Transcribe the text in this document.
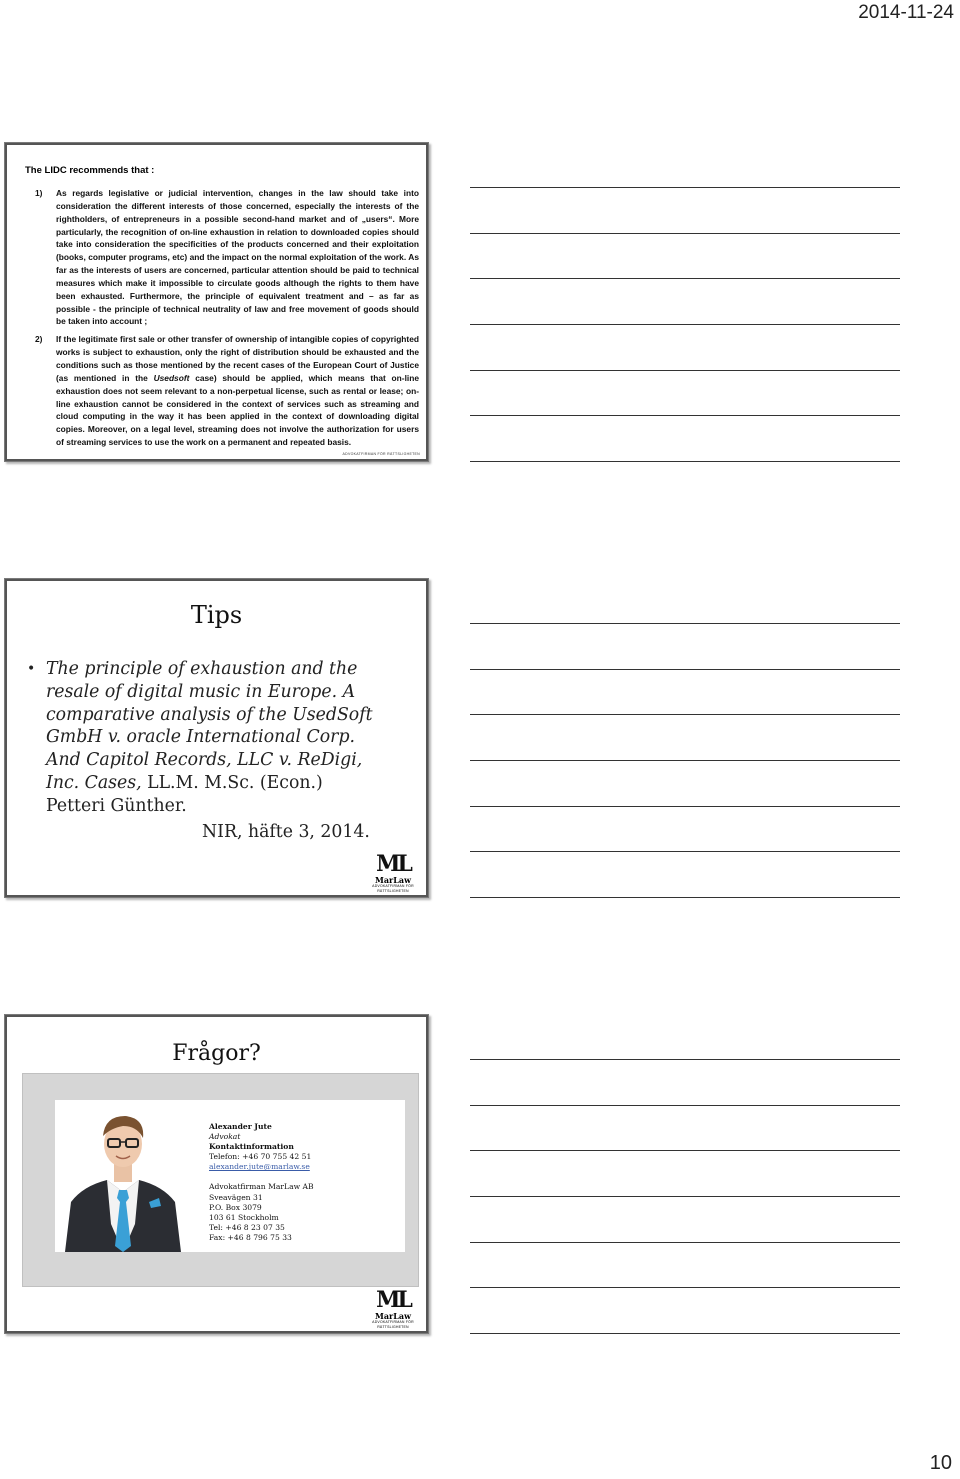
2014-11-24
The LIDC recommends that :
1) As regards legislative or judicial intervention, changes in the law should take into consideration the different interests of those concerned, especially the interests of the rightholders, of entrepreneurs in a possible second-hand market and of „users“. More particularly, the recognition of on-line exhaustion in relation to downloaded copies should take into consideration the specificities of the products concerned and their exploitation (books, computer programs, etc) and the impact on the normal exploitation of the work. As far as the interests of users are concerned, particular attention should be paid to technical measures which make it impossible to circulate goods although the rights to them have been exhausted. Furthermore, the principle of equivalent treatment and – as far as possible - the principle of technical neutrality of law and free movement of goods should be taken into account ;
2) If the legitimate first sale or other transfer of ownership of intangible copies of copyrighted works is subject to exhaustion, only the right of distribution should be exhausted and the conditions such as those mentioned by the recent cases of the European Court of Justice (as mentioned in the Usedsoft case) should be applied, which means that on-line exhaustion does not seem relevant to a non-perpetual license, such as rental or lease; on-line exhaustion cannot be considered in the context of services such as streaming and cloud computing in the way it has been applied in the context of downloading digital copies. Moreover, on a legal level, streaming does not involve the authorization for users of streaming services to use the work on a permanent and repeated basis.
ADVOKATFIRMAN FÖR RÄTTSLIGHETEN
Tips
• The principle of exhaustion and the resale of digital music in Europe. A comparative analysis of the UsedSoft GmbH v. oracle International Corp. And Capitol Records, LLC v. ReDigi, Inc. Cases, LL.M. M.Sc. (Econ.) Petteri Günther.
NIR, häfte 3, 2014.
ML
MarLaw
ADVOKATFIRMAN FÖR RÄTTSLIGHETEN
Frågor?
Alexander Jute
Advokat
Kontaktinformation
Telefon: +46 70 755 42 51
alexander.jute@marlaw.se
Advokatfirman MarLaw AB
Sveavägen 31
P.O. Box 3079
103 61 Stockholm
Tel: +46 8 23 07 35
Fax: +46 8 796 75 33
ML
MarLaw
ADVOKATFIRMAN FÖR RÄTTSLIGHETEN
10
